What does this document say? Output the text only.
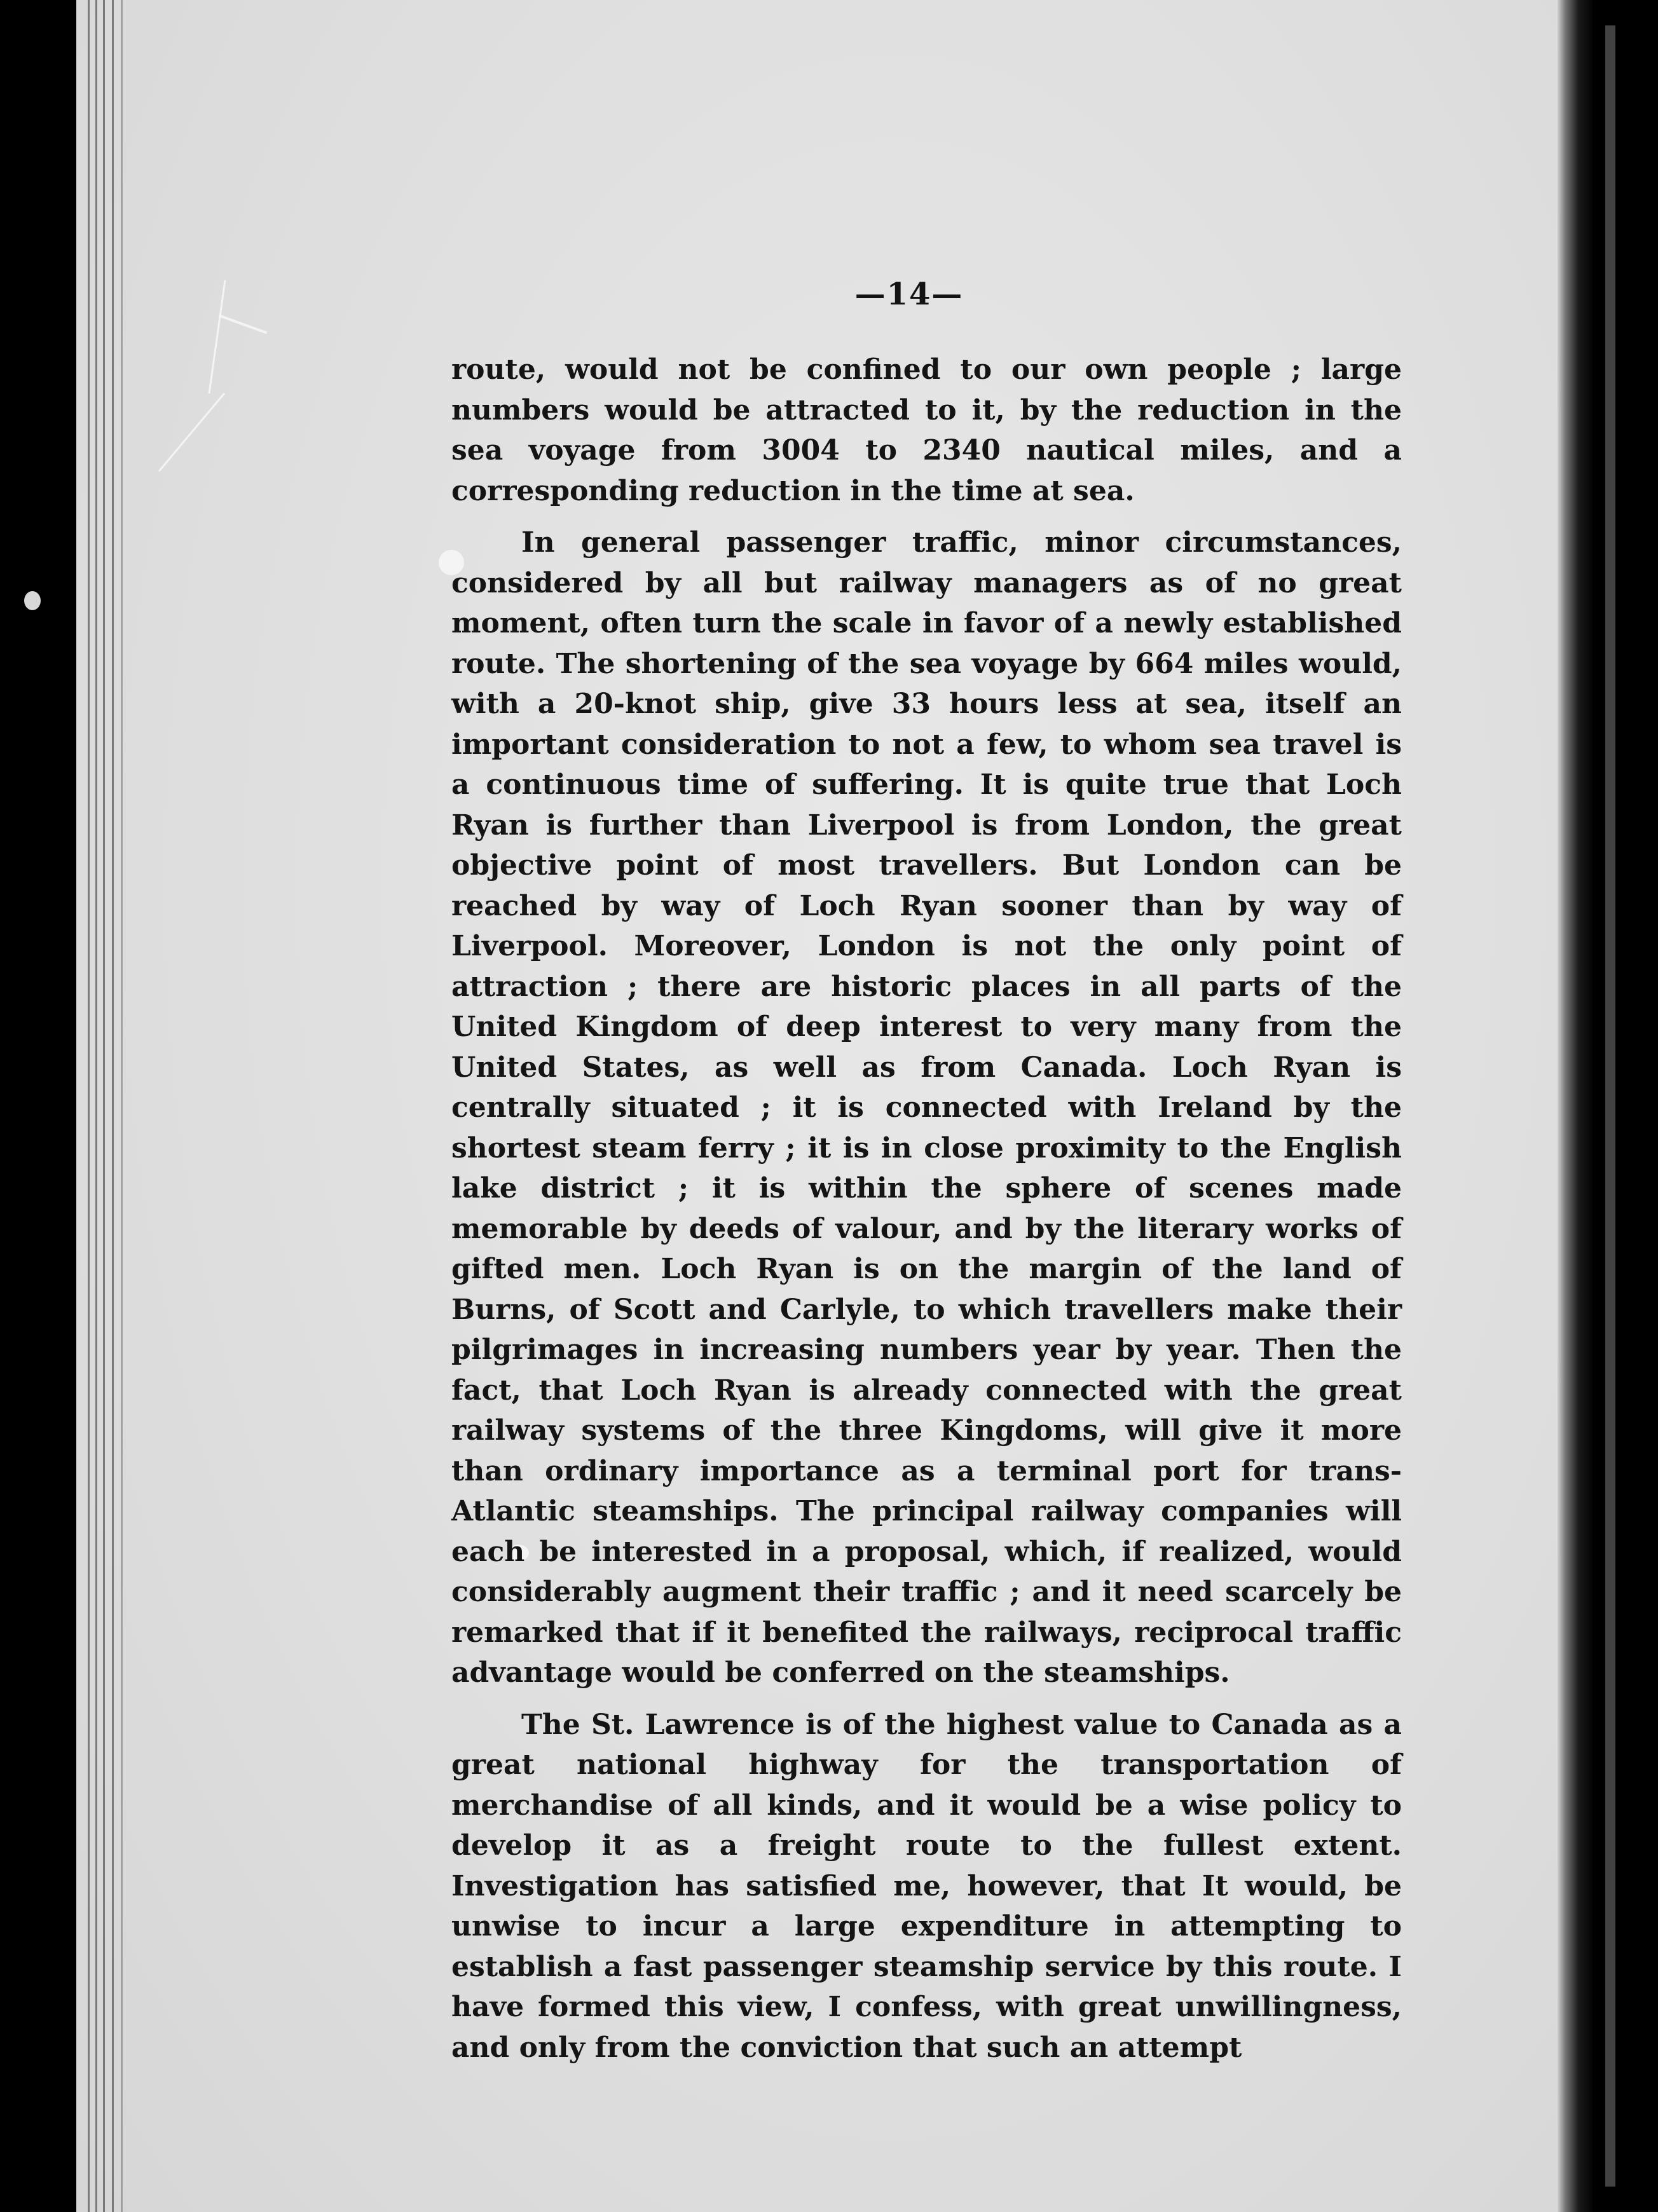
—14—

route, would not be confined to our own people ; large numbers would be attracted to it, by the reduction in the sea voyage from 3004 to 2340 nautical miles, and a corresponding reduction in the time at sea.

In general passenger traffic, minor circumstances, considered by all but railway managers as of no great moment, often turn the scale in favor of a newly established route. The shortening of the sea voyage by 664 miles would, with a 20-knot ship, give 33 hours less at sea, itself an important consideration to not a few, to whom sea travel is a continuous time of suffering. It is quite true that Loch Ryan is further than Liverpool is from London, the great objective point of most travellers. But London can be reached by way of Loch Ryan sooner than by way of Liverpool. Moreover, London is not the only point of attraction ; there are historic places in all parts of the United Kingdom of deep interest to very many from the United States, as well as from Canada. Loch Ryan is centrally situated ; it is connected with Ireland by the shortest steam ferry ; it is in close proximity to the English lake district ; it is within the sphere of scenes made memorable by deeds of valour, and by the literary works of gifted men. Loch Ryan is on the margin of the land of Burns, of Scott and Carlyle, to which travellers make their pilgrimages in increasing numbers year by year. Then the fact, that Loch Ryan is already connected with the great railway systems of the three Kingdoms, will give it more than ordinary importance as a terminal port for trans-Atlantic steamships. The principal railway companies will each be interested in a proposal, which, if realized, would considerably augment their traffic ; and it need scarcely be remarked that if it benefited the railways, reciprocal traffic advantage would be conferred on the steamships.

The St. Lawrence is of the highest value to Canada as a great national highway for the transportation of merchandise of all kinds, and it would be a wise policy to develop it as a freight route to the fullest extent. Investigation has satisfied me, however, that It would, be unwise to incur a large expenditure in attempting to establish a fast passenger steamship service by this route. I have formed this view, I confess, with great unwillingness, and only from the conviction that such an attempt
